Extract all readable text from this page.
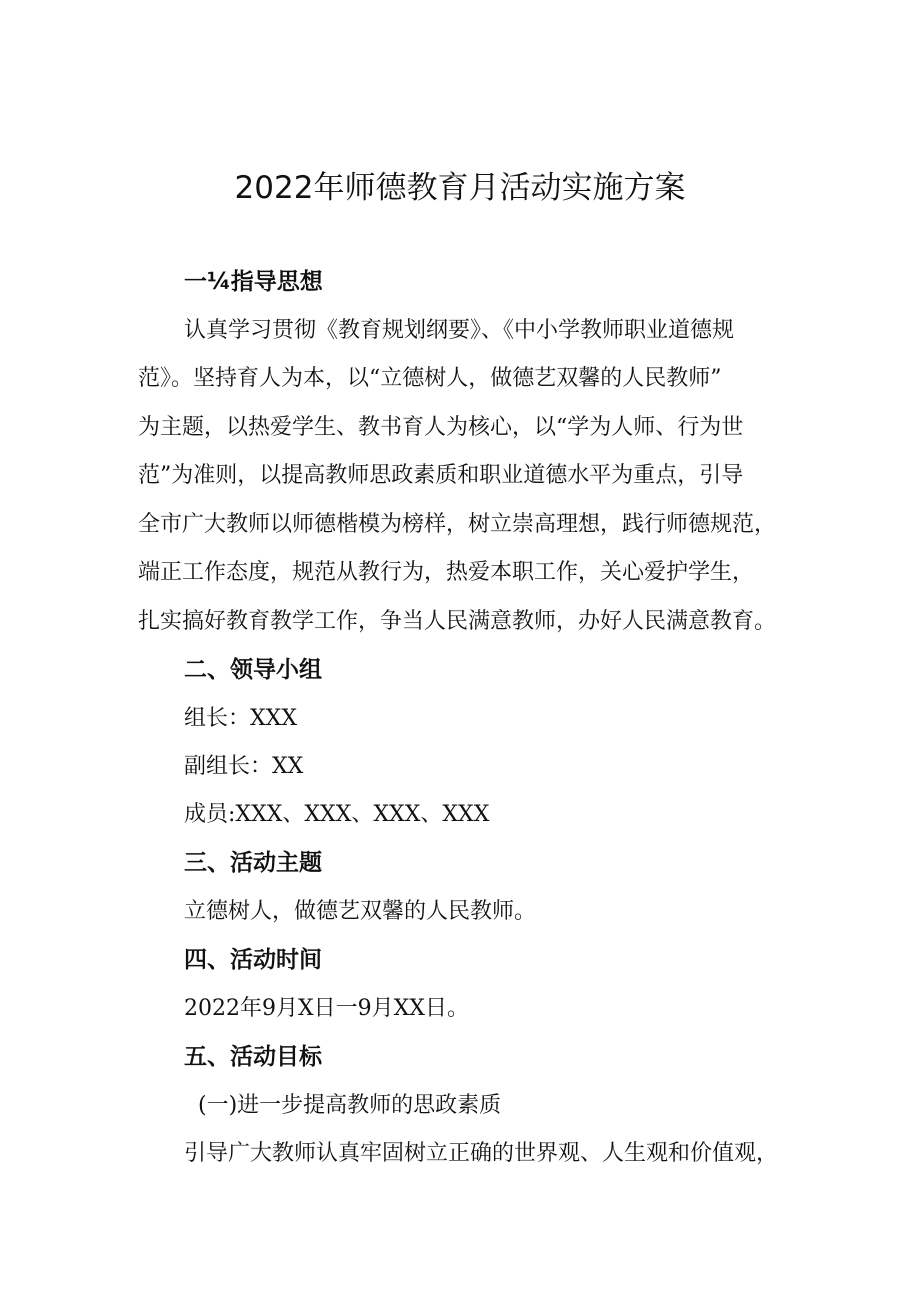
2022年师德教育月活动实施方案
一¼指导思想
认真学习贯彻《教育规划纲要》、《中小学教师职业道德规
范》。坚持育人为本，以“立德树人，做德艺双馨的人民教师”
为主题，以热爱学生、教书育人为核心，以“学为人师、行为世
范”为准则，以提高教师思政素质和职业道德水平为重点，引导
全市广大教师以师德楷模为榜样，树立崇高理想，践行师德规范，
端正工作态度，规范从教行为，热爱本职工作，关心爱护学生，
扎实搞好教育教学工作，争当人民满意教师，办好人民满意教育。
二、领导小组
组长：XXX
副组长：XX
成员:XXX、XXX、XXX、XXX
三、活动主题
立德树人，做德艺双馨的人民教师。
四、活动时间
2022年9月X日一9月XX日。
五、活动目标
(一)进一步提高教师的思政素质
引导广大教师认真牢固树立正确的世界观、人生观和价值观，
